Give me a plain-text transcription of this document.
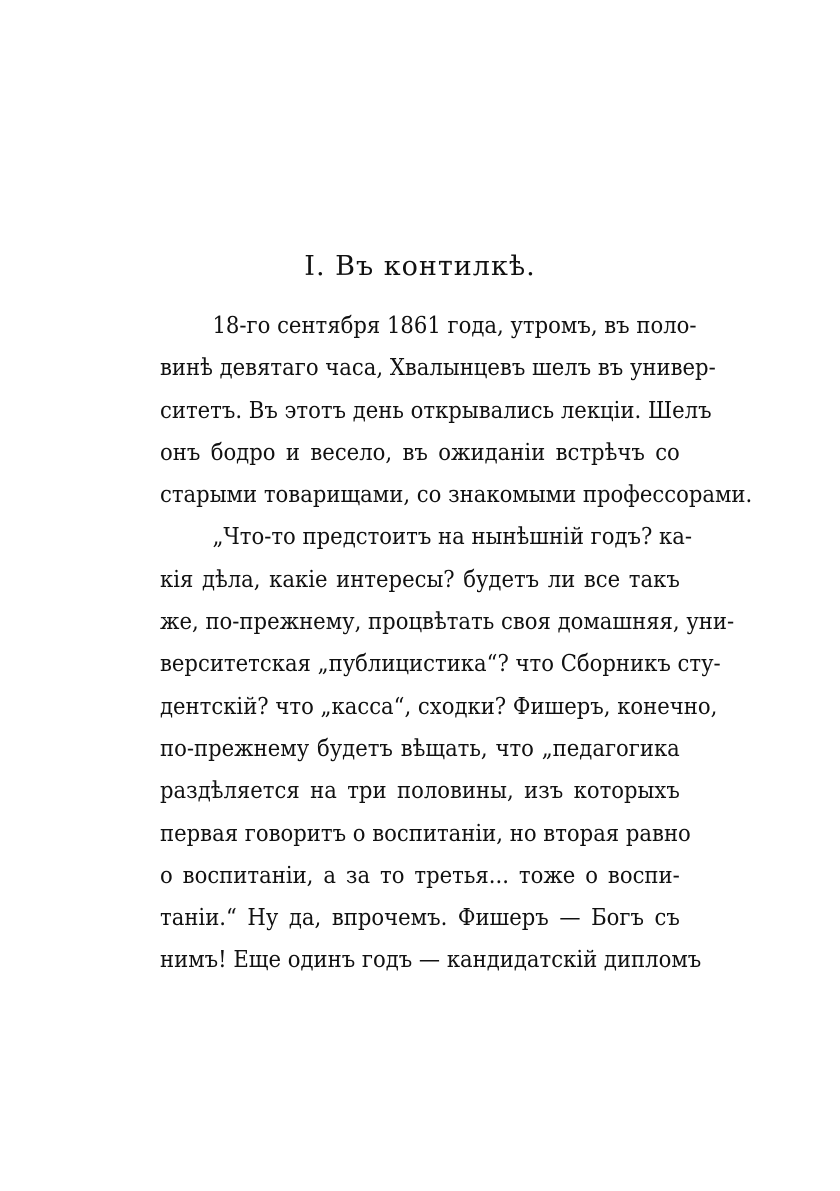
I. Въ контилкѣ.
18-го сентября 1861 года, утромъ, въ поло-
винѣ девятаго часа, Хвалынцевъ шелъ въ универ-
ситетъ. Въ этотъ день открывались лекціи. Шелъ
онъ бодро и весело, въ ожиданіи встрѣчъ со
старыми товарищами, со знакомыми профессорами.
„Что-то предстоитъ на нынѣшній годъ? ка-
кія дѣла, какіе интересы? будетъ ли все такъ
же, по-прежнему, процвѣтать своя домашняя, уни-
верситетская „публицистика“? что Сборникъ сту-
дентскій? что „касса“, сходки? Фишеръ, конечно,
по-прежнему будетъ вѣщать, что „педагогика
раздѣляется на три половины, изъ которыхъ
первая говоритъ о воспитаніи, но вторая равно
о воспитаніи, а за то третья... тоже о воспи-
таніи.“ Ну да, впрочемъ. Фишеръ — Богъ съ
нимъ! Еще одинъ годъ — кандидатскій дипломъ
